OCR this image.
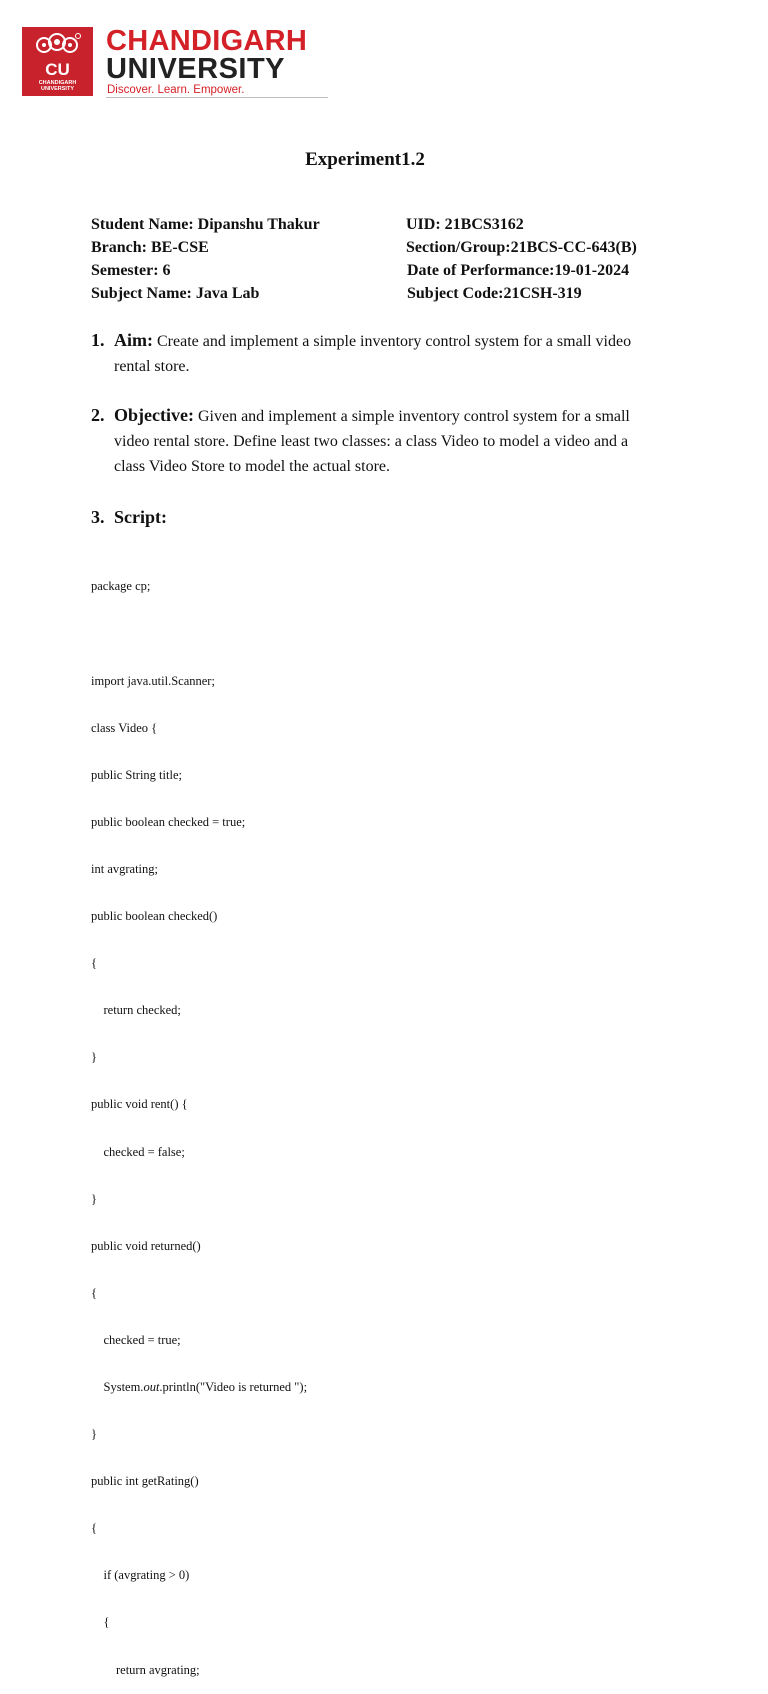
CU
CHANDIGARH
UNIVERSITY
CHANDIGARH
UNIVERSITY
Discover. Learn. Empower.
Experiment1.2
Student Name: Dipanshu Thakur	UID: 21BCS3162
Branch: BE-CSE	Section/Group:21BCS-CC-643(B)
Semester: 6	Date of Performance:19-01-2024
Subject Name: Java Lab	Subject Code:21CSH-319
1. Aim: Create and implement a simple inventory control system for a small video rental store.
2. Objective: Given and implement a simple inventory control system for a small video rental store. Define least two classes: a class Video to model a video and a class Video Store to model the actual store.
3. Script:

package cp;

import java.util.Scanner;

class Video {

public String title;

public boolean checked = true;

int avgrating;

public boolean checked()

{

return checked;

}

public void rent() {

checked = false;

}

public void returned()

{

checked = true;

System.out.println("Video is returned ");

}

public int getRating()

{

if (avgrating > 0)

{

return avgrating;
